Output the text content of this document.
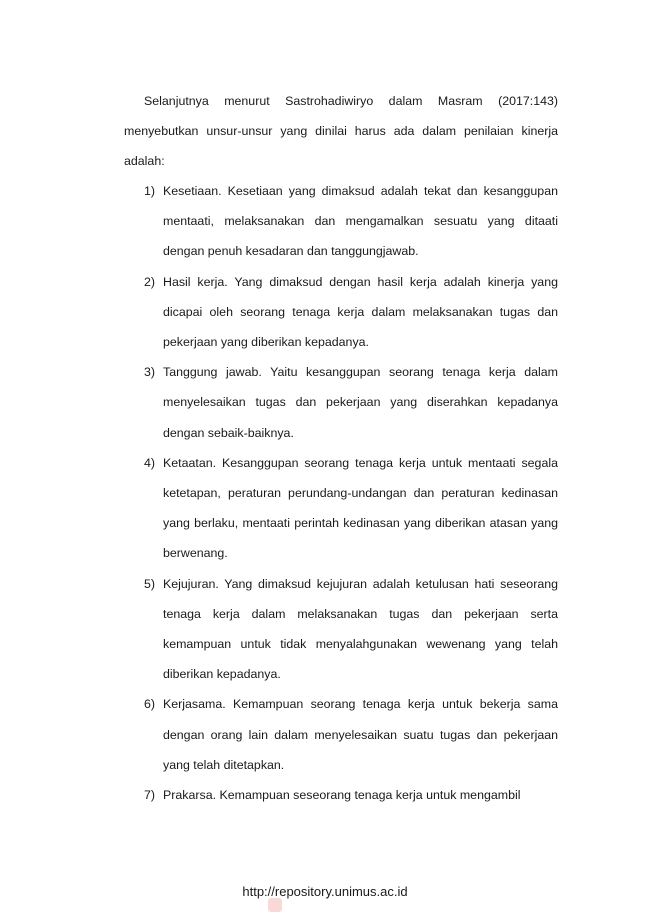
Selanjutnya menurut Sastrohadiwiryo dalam Masram (2017:143) menyebutkan unsur-unsur yang dinilai harus ada dalam penilaian kinerja adalah:

1) Kesetiaan. Kesetiaan yang dimaksud adalah tekat dan kesanggupan mentaati, melaksanakan dan mengamalkan sesuatu yang ditaati dengan penuh kesadaran dan tanggungjawab.
2) Hasil kerja. Yang dimaksud dengan hasil kerja adalah kinerja yang dicapai oleh seorang tenaga kerja dalam melaksanakan tugas dan pekerjaan yang diberikan kepadanya.
3) Tanggung jawab. Yaitu kesanggupan seorang tenaga kerja dalam menyelesaikan tugas dan pekerjaan yang diserahkan kepadanya dengan sebaik-baiknya.
4) Ketaatan. Kesanggupan seorang tenaga kerja untuk mentaati segala ketetapan, peraturan perundang-undangan dan peraturan kedinasan yang berlaku, mentaati perintah kedinasan yang diberikan atasan yang berwenang.
5) Kejujuran. Yang dimaksud kejujuran adalah ketulusan hati seseorang tenaga kerja dalam melaksanakan tugas dan pekerjaan serta kemampuan untuk tidak menyalahgunakan wewenang yang telah diberikan kepadanya.
6) Kerjasama. Kemampuan seorang tenaga kerja untuk bekerja sama dengan orang lain dalam menyelesaikan suatu tugas dan pekerjaan yang telah ditetapkan.
7) Prakarsa. Kemampuan seseorang tenaga kerja untuk mengambil
http://repository.unimus.ac.id
